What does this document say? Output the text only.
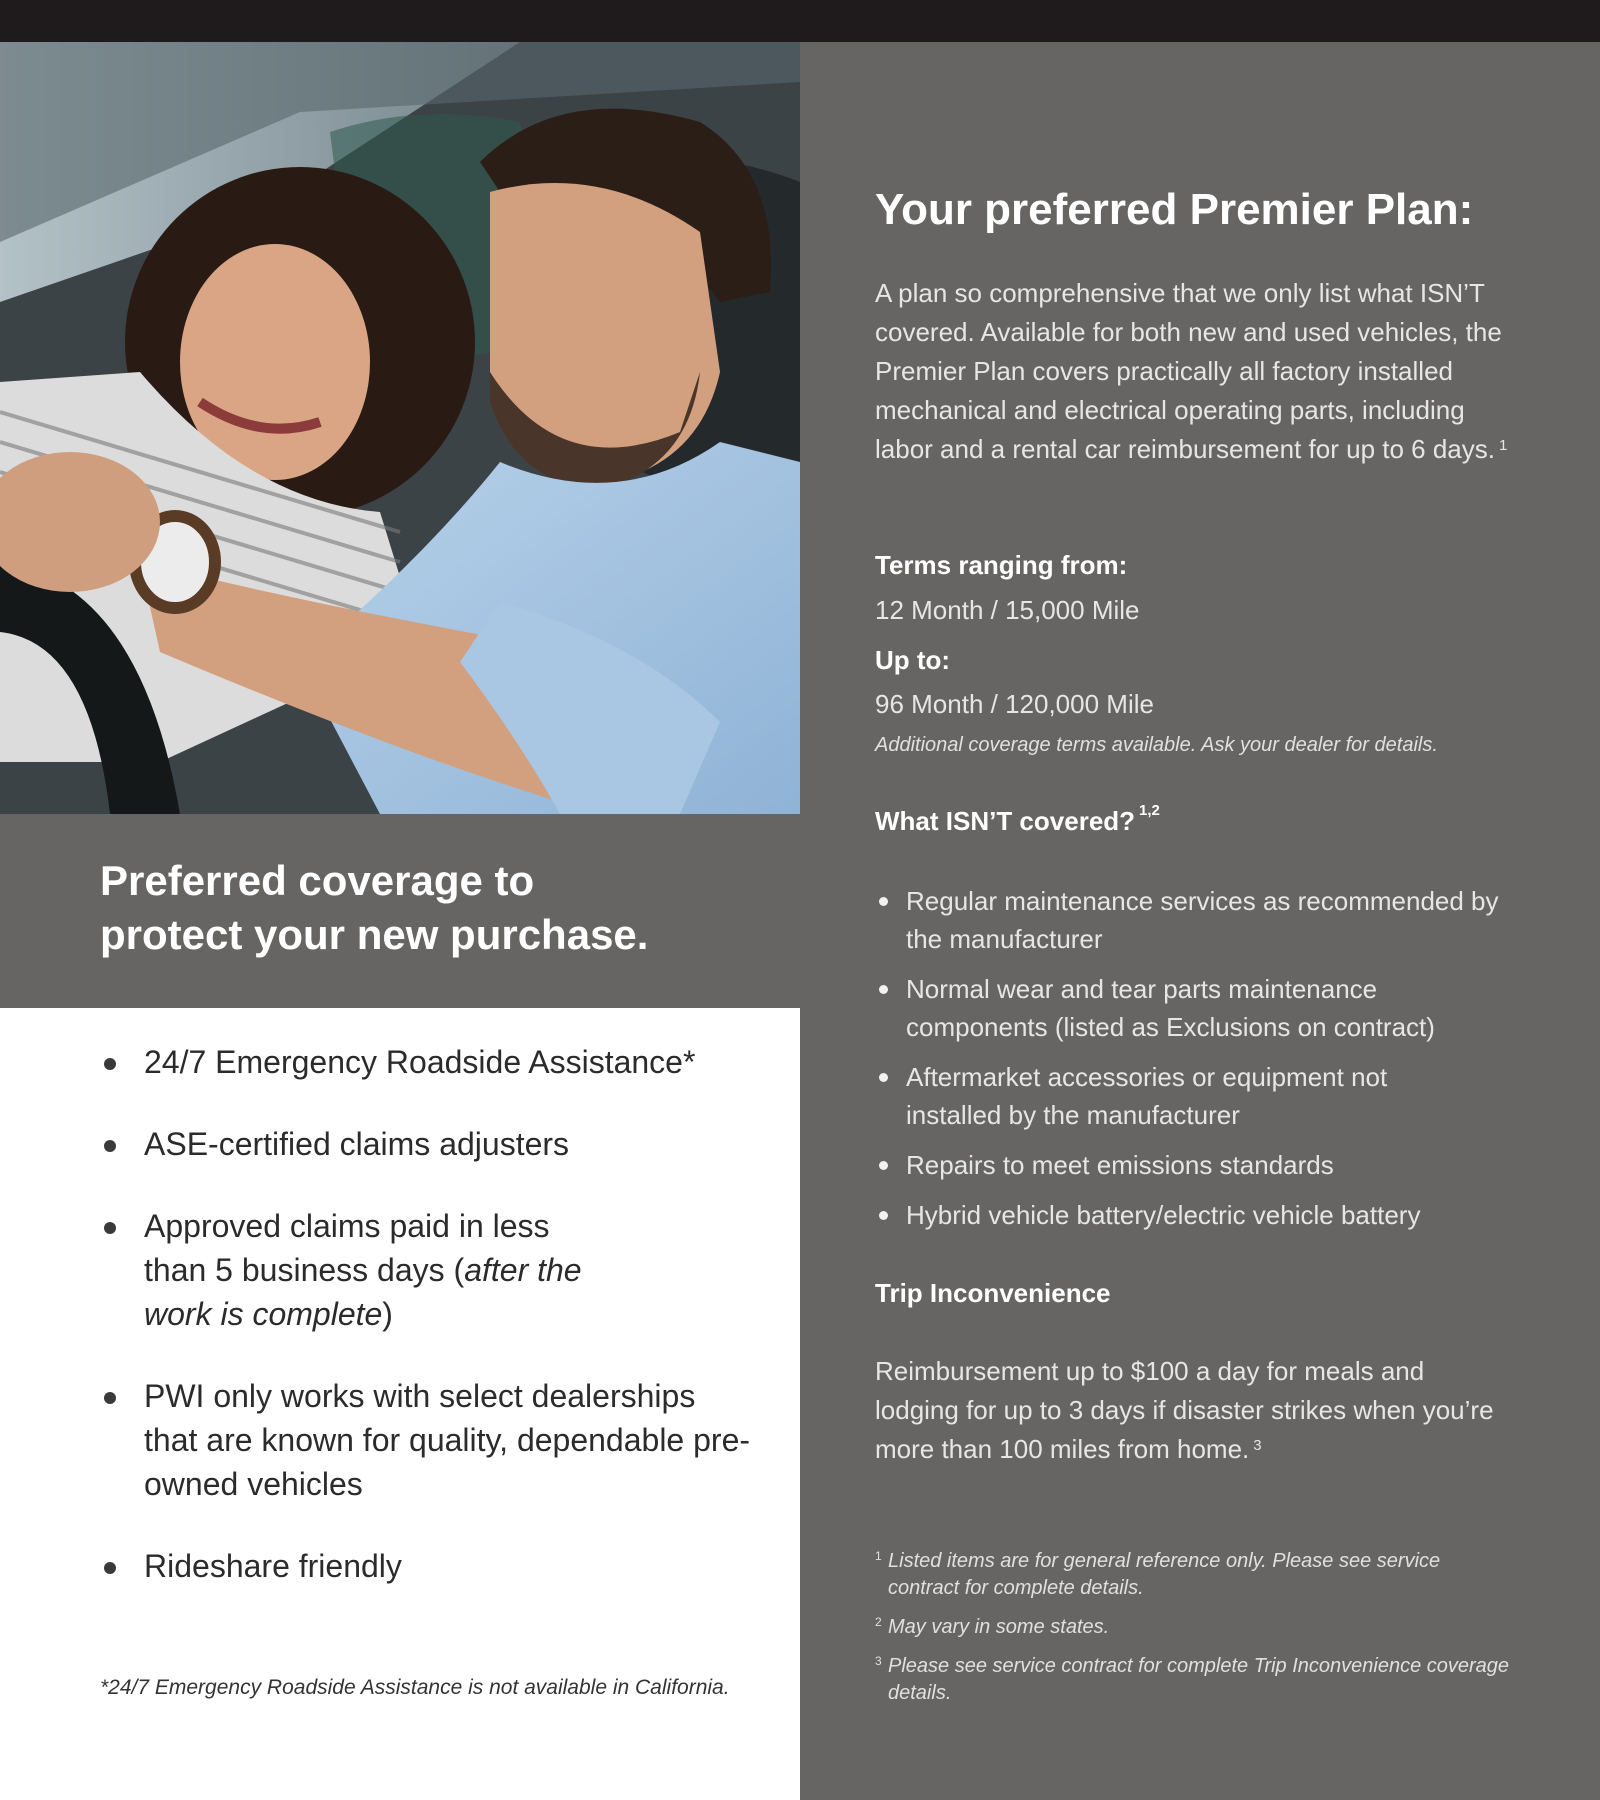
Preferred coverage to
protect your new purchase.
24/7 Emergency Roadside Assistance*
ASE-certified claims adjusters
Approved claims paid in less than 5 business days (after the work is complete)
PWI only works with select dealerships that are known for quality, dependable pre-owned vehicles
Rideshare friendly
*24/7 Emergency Roadside Assistance is not available in California.
Your preferred Premier Plan:
A plan so comprehensive that we only list what ISN’T covered. Available for both new and used vehicles, the Premier Plan covers practically all factory installed mechanical and electrical operating parts, including labor and a rental car reimbursement for up to 6 days. $^1$
Terms ranging from:
12 Month / 15,000 Mile
Up to:
96 Month / 120,000 Mile
Additional coverage terms available. Ask your dealer for details.
What ISN’T covered? $^{1,2}$
Regular maintenance services as recommended by the manufacturer
Normal wear and tear parts maintenance components (listed as Exclusions on contract)
Aftermarket accessories or equipment not installed by the manufacturer
Repairs to meet emissions standards
Hybrid vehicle battery/electric vehicle battery
Trip Inconvenience
Reimbursement up to $100 a day for meals and lodging for up to 3 days if disaster strikes when you’re more than 100 miles from home. $^3$
1 Listed items are for general reference only. Please see service contract for complete details.
2 May vary in some states.
3 Please see service contract for complete Trip Inconvenience coverage details.
